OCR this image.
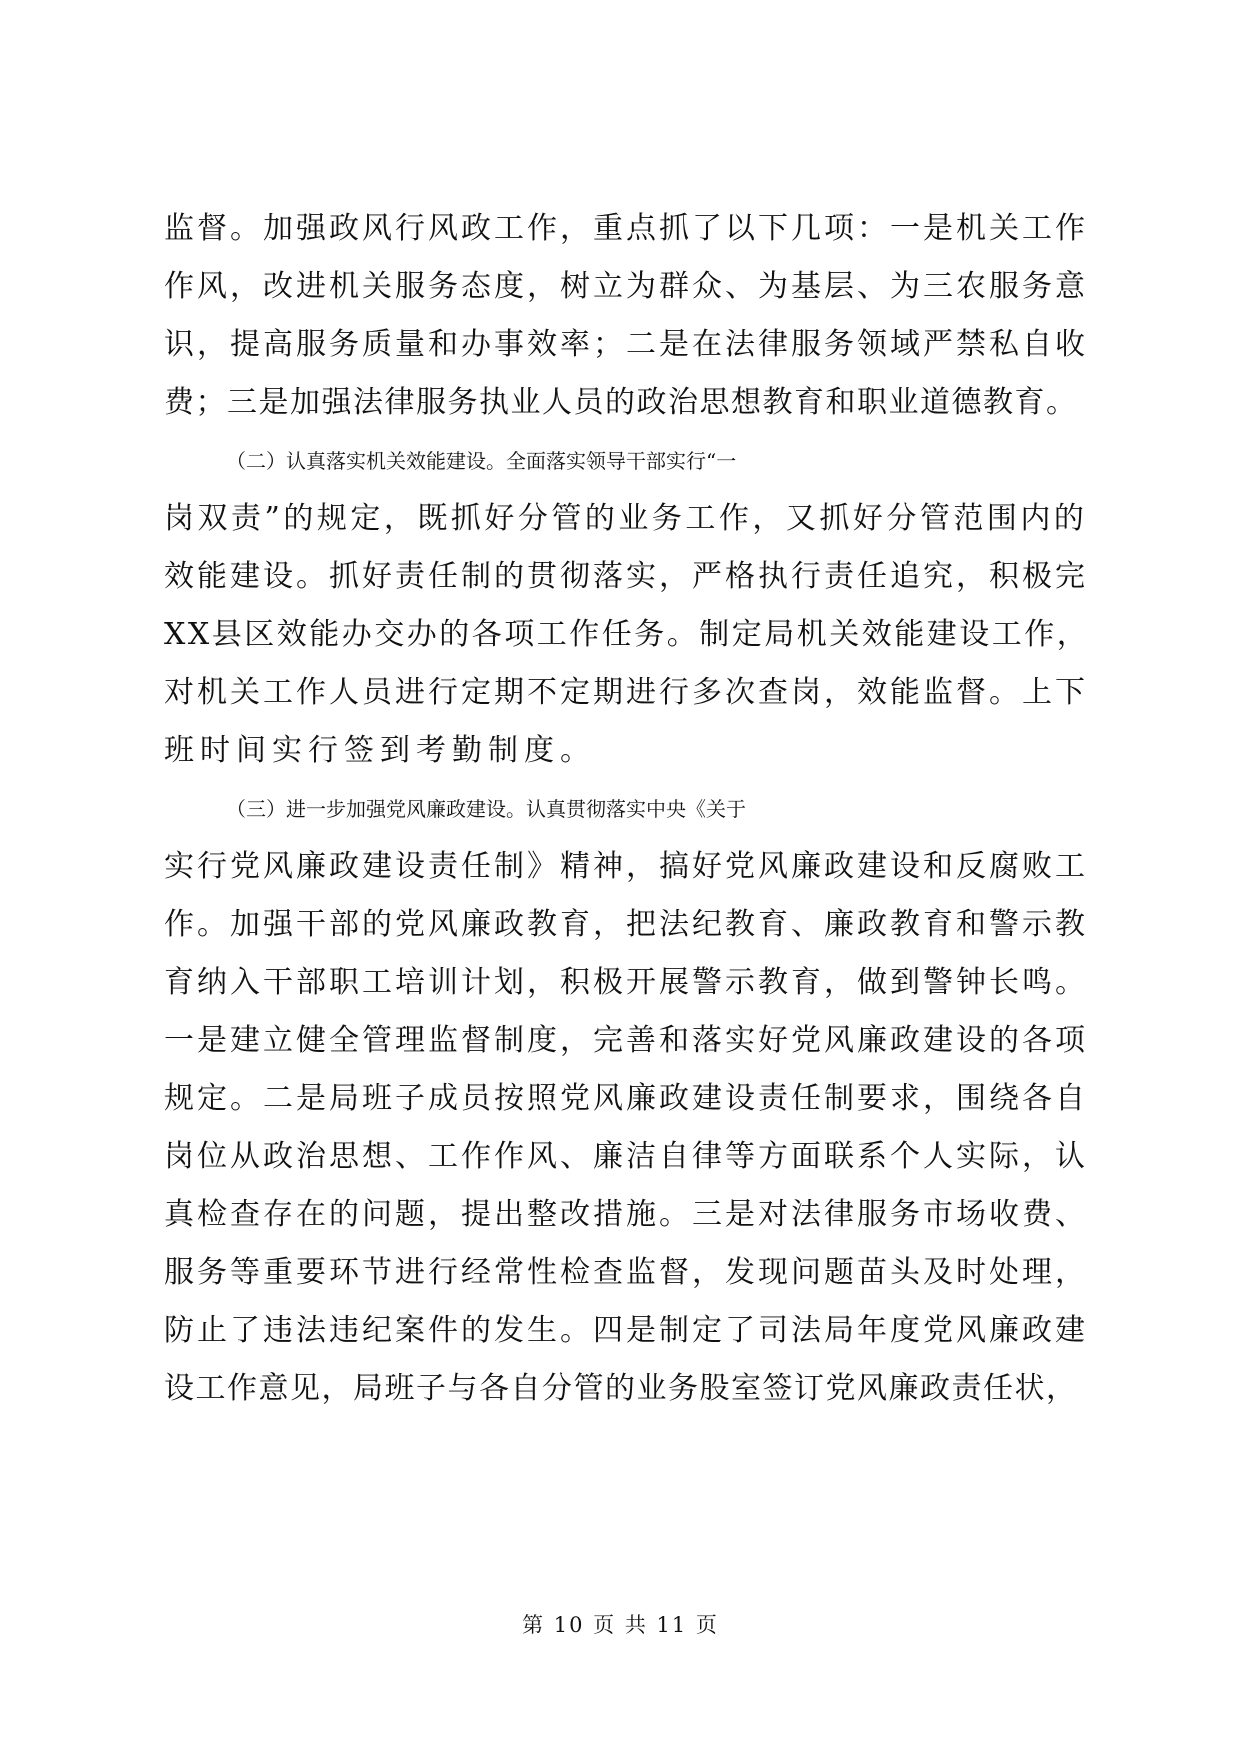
监督。加强政风行风政工作，重点抓了以下几项：一是机关工作
作风，改进机关服务态度，树立为群众、为基层、为三农服务意
识，提高服务质量和办事效率；二是在法律服务领域严禁私自收
费；三是加强法律服务执业人员的政治思想教育和职业道德教育。
（二）认真落实机关效能建设。全面落实领导干部实行“一
岗双责”的规定，既抓好分管的业务工作，又抓好分管范围内的
效能建设。抓好责任制的贯彻落实，严格执行责任追究，积极完
XX县区效能办交办的各项工作任务。制定局机关效能建设工作，
对机关工作人员进行定期不定期进行多次查岗，效能监督。上下
班时间实行签到考勤制度。
（三）进一步加强党风廉政建设。认真贯彻落实中央《关于
实行党风廉政建设责任制》精神，搞好党风廉政建设和反腐败工
作。加强干部的党风廉政教育，把法纪教育、廉政教育和警示教
育纳入干部职工培训计划，积极开展警示教育，做到警钟长鸣。
一是建立健全管理监督制度，完善和落实好党风廉政建设的各项
规定。二是局班子成员按照党风廉政建设责任制要求，围绕各自
岗位从政治思想、工作作风、廉洁自律等方面联系个人实际，认
真检查存在的问题，提出整改措施。三是对法律服务市场收费、
服务等重要环节进行经常性检查监督，发现问题苗头及时处理，
防止了违法违纪案件的发生。四是制定了司法局年度党风廉政建
设工作意见，局班子与各自分管的业务股室签订党风廉政责任状，
第 10 页 共 11 页
